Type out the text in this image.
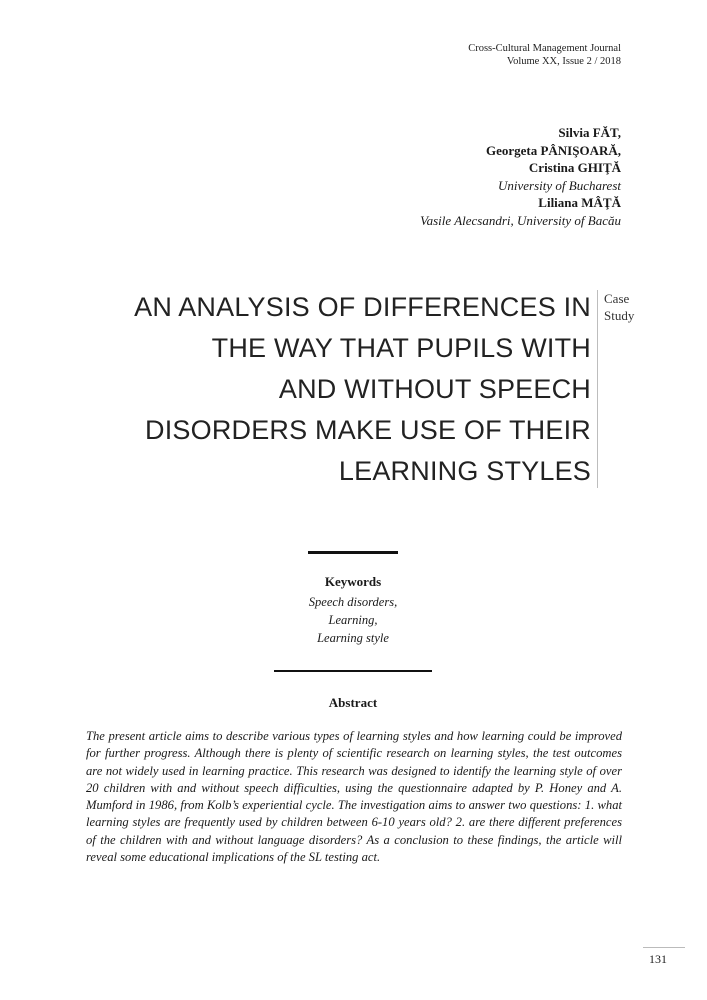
Cross-Cultural Management Journal
Volume XX, Issue 2 / 2018
Silvia FĂT,
Georgeta PÂNIŞOARĂ,
Cristina GHIŢĂ
University of Bucharest
Liliana MÂŢĂ
Vasile Alecsandri, University of Bacău
AN ANALYSIS OF DIFFERENCES IN
THE WAY THAT PUPILS WITH
AND WITHOUT SPEECH
DISORDERS MAKE USE OF THEIR
LEARNING STYLES
Case
Study
Keywords
Speech disorders,
Learning,
Learning style
Abstract

The present article aims to describe various types of learning styles and how learning could be improved for further progress. Although there is plenty of scientific research on learning styles, the test outcomes are not widely used in learning practice. This research was designed to identify the learning style of over 20 children with and without speech difficulties, using the questionnaire adapted by P. Honey and A. Mumford in 1986, from Kolb’s experiential cycle. The investigation aims to answer two questions: 1. what learning styles are frequently used by children between 6-10 years old? 2. are there different preferences of the children with and without language disorders? As a conclusion to these findings, the article will reveal some educational implications of the SL testing act.

131
